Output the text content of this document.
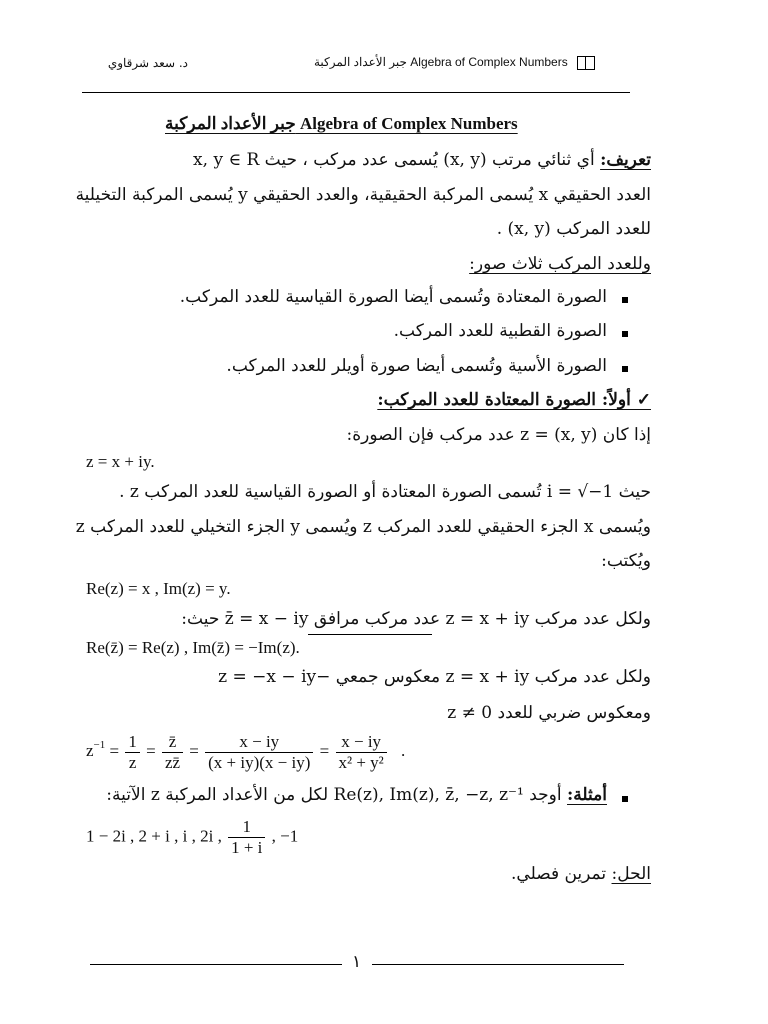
د. سعد شرقاوي	جبر الأعداد المركبة Algebra of Complex Numbers
جبر الأعداد المركبة Algebra of Complex Numbers
تعريف: أي ثنائي مرتب (x, y) يُسمى عدد مركب ، حيث x, y ∈ R
العدد الحقيقي x يُسمى المركبة الحقيقية، والعدد الحقيقي y يُسمى المركبة التخيلية
للعدد المركب (x, y) .
وللعدد المركب ثلاث صور:
الصورة المعتادة وتُسمى أيضا الصورة القياسية للعدد المركب.
الصورة القطبية للعدد المركب.
الصورة الأسية وتُسمى أيضا صورة أويلر للعدد المركب.
✓ أولاً: الصورة المعتادة للعدد المركب:
إذا كان z = (x, y) عدد مركب فإن الصورة:
z = x + iy.
حيث i = √−1 تُسمى الصورة المعتادة أو الصورة القياسية للعدد المركب z .
ويُسمى x الجزء الحقيقي للعدد المركب z ويُسمى y الجزء التخيلي للعدد المركب z
ويُكتب:
Re(z) = x , Im(z) = y.
ولكل عدد مركب z = x + iy عدد مركب مرافق z̄ = x − iy حيث:
Re(z̄) = Re(z) , Im(z̄) = −Im(z).
ولكل عدد مركب z = x + iy معكوس جمعي −z = −x − iy
ومعكوس ضربي للعدد z ≠ 0
$z^{-1} = \frac{1}{z} = \frac{z̄}{zz̄} = \frac{x - iy}{(x + iy)(x - iy)} = \frac{x - iy}{\text{x² + y²}}$ .
أمثلة: أوجد Re(z), Im(z), z̄, −z, z⁻¹ لكل من الأعداد المركبة z الآتية:
1 − 2i , 2 + i , i , 2i , $\frac{1}{1 + i}$ , −1
الحل: تمرين فصلي.
١
